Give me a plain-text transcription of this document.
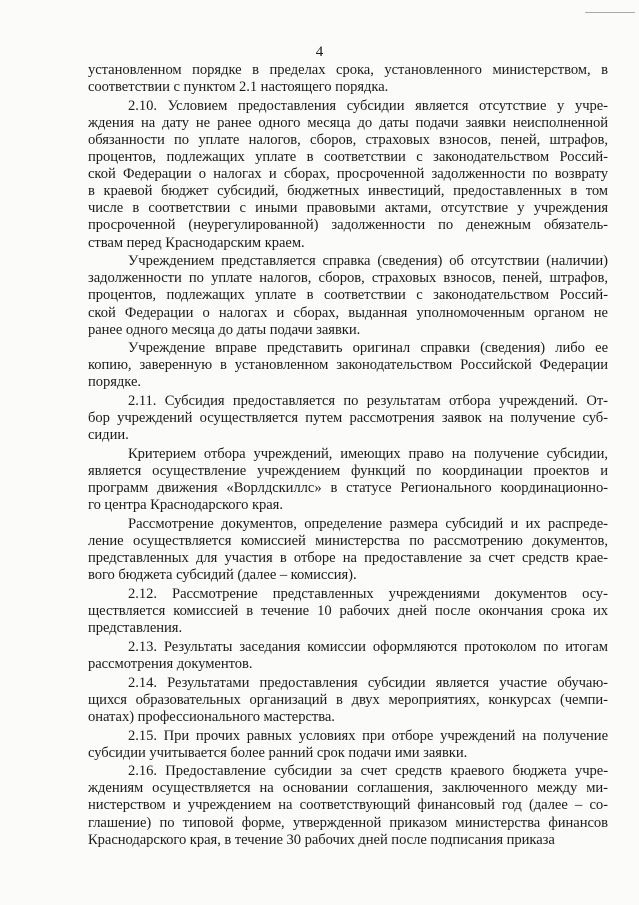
4
установленном порядке в пределах срока, установленного министерством, в
соответствии с пунктом 2.1 настоящего порядка.
2.10. Условием предоставления субсидии является отсутствие у учре-
ждения на дату не ранее одного месяца до даты подачи заявки неисполненной
обязанности по уплате налогов, сборов, страховых взносов, пеней, штрафов,
процентов, подлежащих уплате в соответствии с законодательством Россий-
ской Федерации о налогах и сборах, просроченной задолженности по возврату
в краевой бюджет субсидий, бюджетных инвестиций, предоставленных в том
числе в соответствии с иными правовыми актами, отсутствие у учреждения
просроченной (неурегулированной) задолженности по денежным обязатель-
ствам перед Краснодарским краем.
Учреждением представляется справка (сведения) об отсутствии (наличии)
задолженности по уплате налогов, сборов, страховых взносов, пеней, штрафов,
процентов, подлежащих уплате в соответствии с законодательством Россий-
ской Федерации о налогах и сборах, выданная уполномоченным органом не
ранее одного месяца до даты подачи заявки.
Учреждение вправе представить оригинал справки (сведения) либо ее
копию, заверенную в установленном законодательством Российской Федерации
порядке.
2.11. Субсидия предоставляется по результатам отбора учреждений. От-
бор учреждений осуществляется путем рассмотрения заявок на получение суб-
сидии.
Критерием отбора учреждений, имеющих право на получение субсидии,
является осуществление учреждением функций по координации проектов и
программ движения «Ворлдскиллс» в статусе Регионального координационно-
го центра Краснодарского края.
Рассмотрение документов, определение размера субсидий и их распреде-
ление осуществляется комиссией министерства по рассмотрению документов,
представленных для участия в отборе на предоставление за счет средств крае-
вого бюджета субсидий (далее – комиссия).
2.12. Рассмотрение представленных учреждениями документов осу-
ществляется комиссией в течение 10 рабочих дней после окончания срока их
представления.
2.13. Результаты заседания комиссии оформляются протоколом по итогам
рассмотрения документов.
2.14. Результатами предоставления субсидии является участие обучаю-
щихся образовательных организаций в двух мероприятиях, конкурсах (чемпи-
онатах) профессионального мастерства.
2.15. При прочих равных условиях при отборе учреждений на получение
субсидии учитывается более ранний срок подачи ими заявки.
2.16. Предоставление субсидии за счет средств краевого бюджета учре-
ждениям осуществляется на основании соглашения, заключенного между ми-
нистерством и учреждением на соответствующий финансовый год (далее – со-
глашение) по типовой форме, утвержденной приказом министерства финансов
Краснодарского края, в течение 30 рабочих дней после подписания приказа
